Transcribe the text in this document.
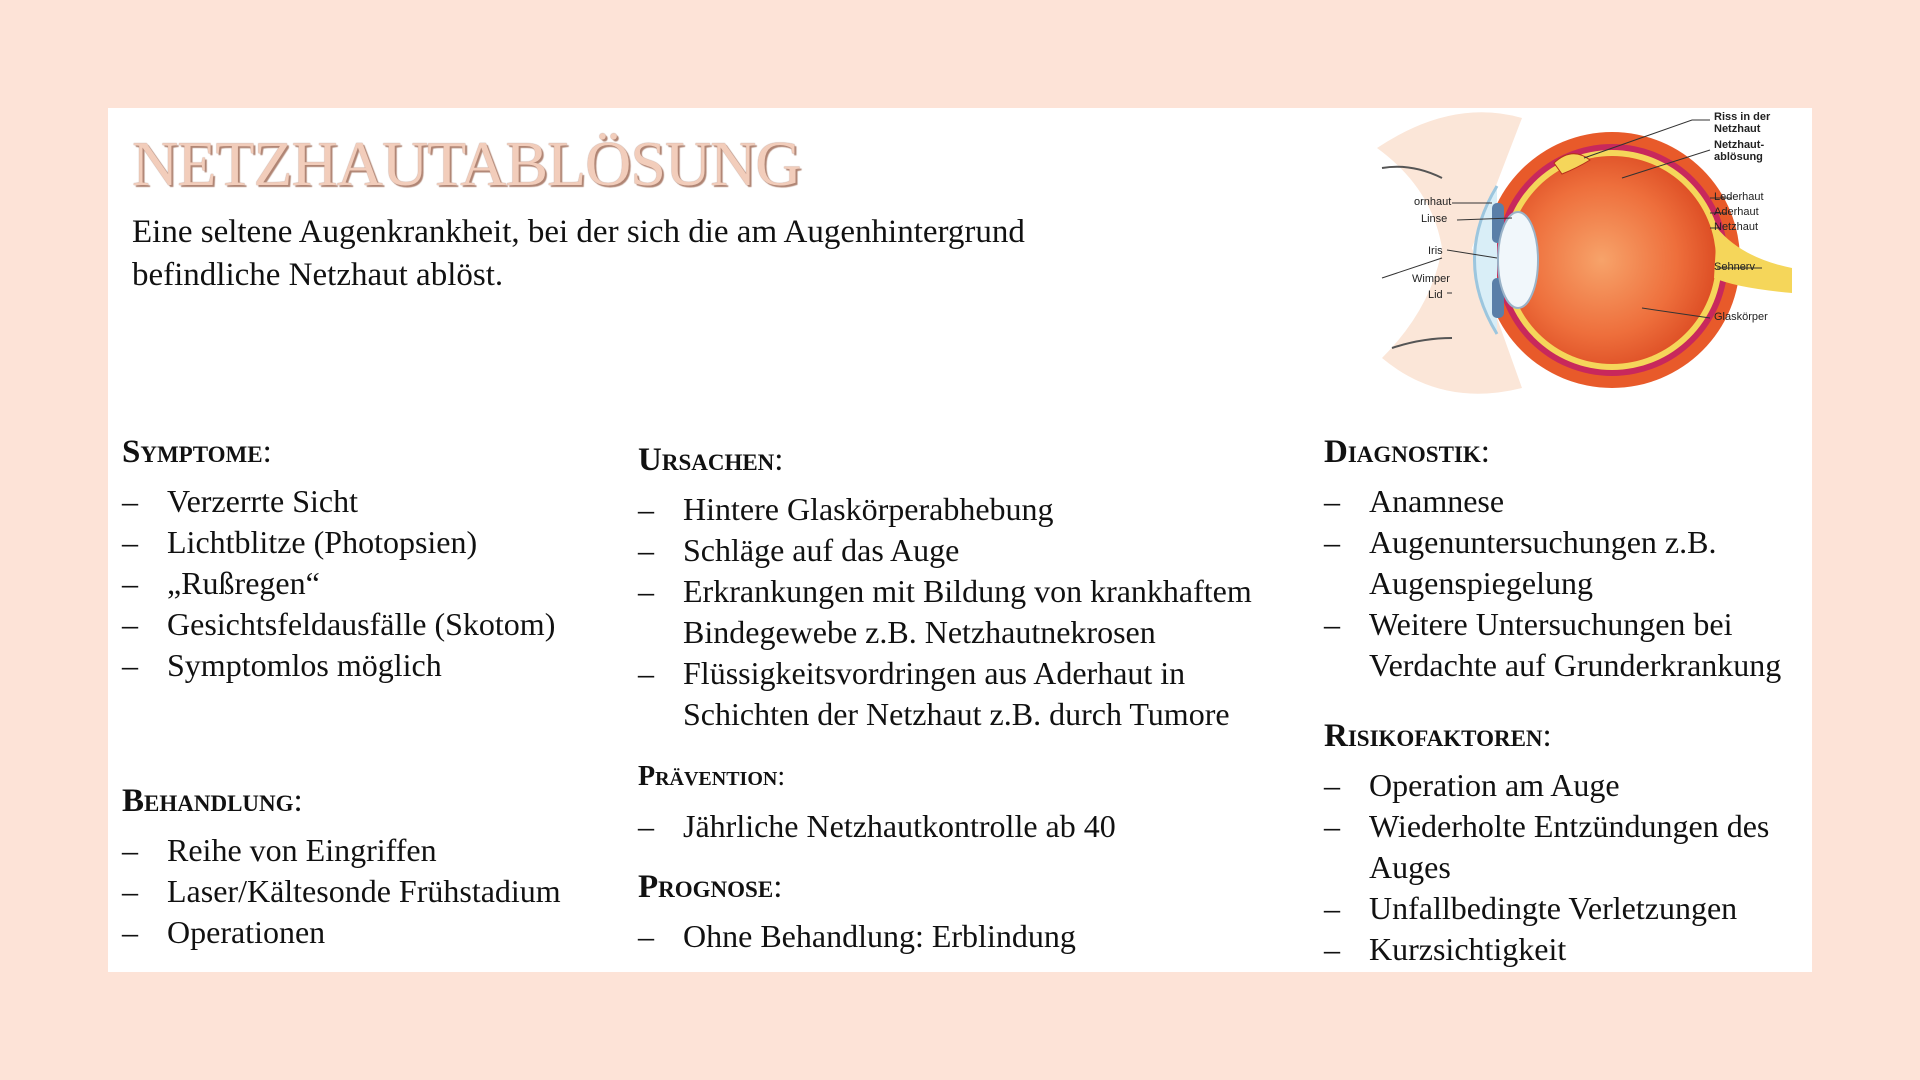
NETZHAUTABLÖSUNG

Eine seltene Augenkrankheit, bei der sich die am Augenhintergrund befindliche Netzhaut ablöst.

Riss in der
Netzhaut
Netzhaut-
ablösung
Lederhaut
Aderhaut
Netzhaut
Sehnerv
Glaskörper
ornhaut
Linse
Iris
Wimper
Lid
Symptome:
– Verzerrte Sicht
– Lichtblitze (Photopsien)
– „Rußregen“
– Gesichtsfeldausfälle (Skotom)
– Symptomlos möglich
Behandlung:
– Reihe von Eingriffen
– Laser/Kältesonde Frühstadium
– Operationen
Ursachen:
– Hintere Glaskörperabhebung
– Schläge auf das Auge
– Erkrankungen mit Bildung von krankhaftem Bindegewebe z.B. Netzhautnekrosen
– Flüssigkeitsvordringen aus Aderhaut in Schichten der Netzhaut z.B. durch Tumore
Prävention:
– Jährliche Netzhautkontrolle ab 40
Prognose:
– Ohne Behandlung: Erblindung
Diagnostik:
– Anamnese
– Augenuntersuchungen z.B. Augenspiegelung
– Weitere Untersuchungen bei Verdachte auf Grunderkrankung
Risikofaktoren:
– Operation am Auge
– Wiederholte Entzündungen des Auges
– Unfallbedingte Verletzungen
– Kurzsichtigkeit
